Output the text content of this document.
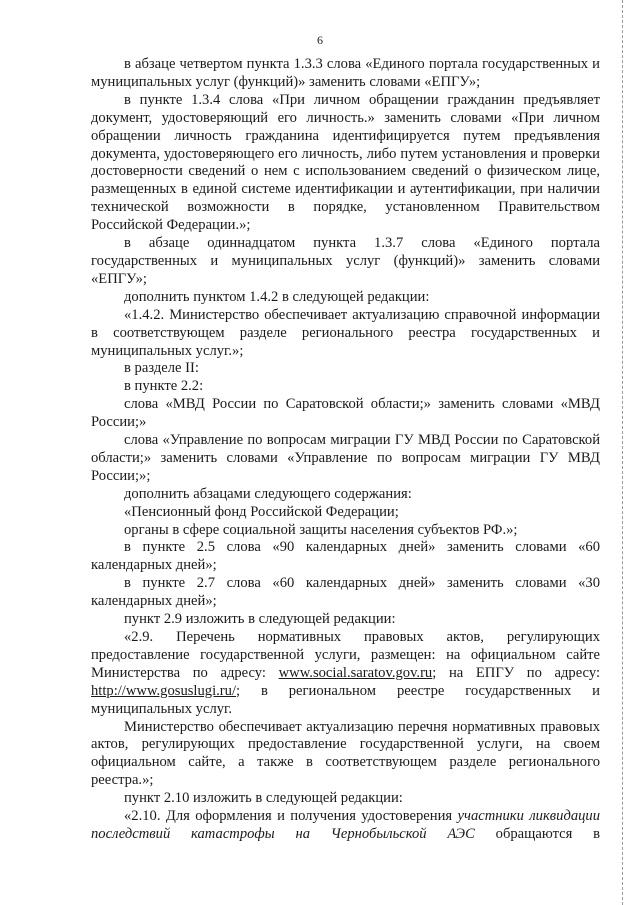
6

в абзаце четвертом пункта 1.3.3 слова «Единого портала государственных и муниципальных услуг (функций)» заменить словами «ЕПГУ»;

в пункте 1.3.4 слова «При личном обращении гражданин предъявляет документ, удостоверяющий его личность.» заменить словами «При личном обращении личность гражданина идентифицируется путем предъявления документа, удостоверяющего его личность, либо путем установления и проверки достоверности сведений о нем с использованием сведений о физическом лице, размещенных в единой системе идентификации и аутентификации, при наличии технической возможности в порядке, установленном Правительством Российской Федерации.»;

в абзаце одиннадцатом пункта 1.3.7 слова «Единого портала государственных и муниципальных услуг (функций)» заменить словами «ЕПГУ»;

дополнить пунктом 1.4.2 в следующей редакции:

«1.4.2. Министерство обеспечивает актуализацию справочной информации в соответствующем разделе регионального реестра государственных и муниципальных услуг.»;

в разделе II:

в пункте 2.2:

слова «МВД России по Саратовской области;» заменить словами «МВД России;»

слова «Управление по вопросам миграции ГУ МВД России по Саратовской области;» заменить словами «Управление по вопросам миграции ГУ МВД России;»;

дополнить абзацами следующего содержания:

«Пенсионный фонд Российской Федерации;

органы в сфере социальной защиты населения субъектов РФ.»;

в пункте 2.5 слова «90 календарных дней» заменить словами «60 календарных дней»;

в пункте 2.7 слова «60 календарных дней» заменить словами «30 календарных дней»;

пункт 2.9 изложить в следующей редакции:

«2.9. Перечень нормативных правовых актов, регулирующих предоставление государственной услуги, размещен: на официальном сайте Министерства по адресу: www.social.saratov.gov.ru; на ЕПГУ по адресу: http://www.gosuslugi.ru/; в региональном реестре государственных и муниципальных услуг.

Министерство обеспечивает актуализацию перечня нормативных правовых актов, регулирующих предоставление государственной услуги, на своем официальном сайте, а также в соответствующем разделе регионального реестра.»;

пункт 2.10 изложить в следующей редакции:

«2.10. Для оформления и получения удостоверения участники ликвидации последствий катастрофы на Чернобыльской АЭС обращаются в
